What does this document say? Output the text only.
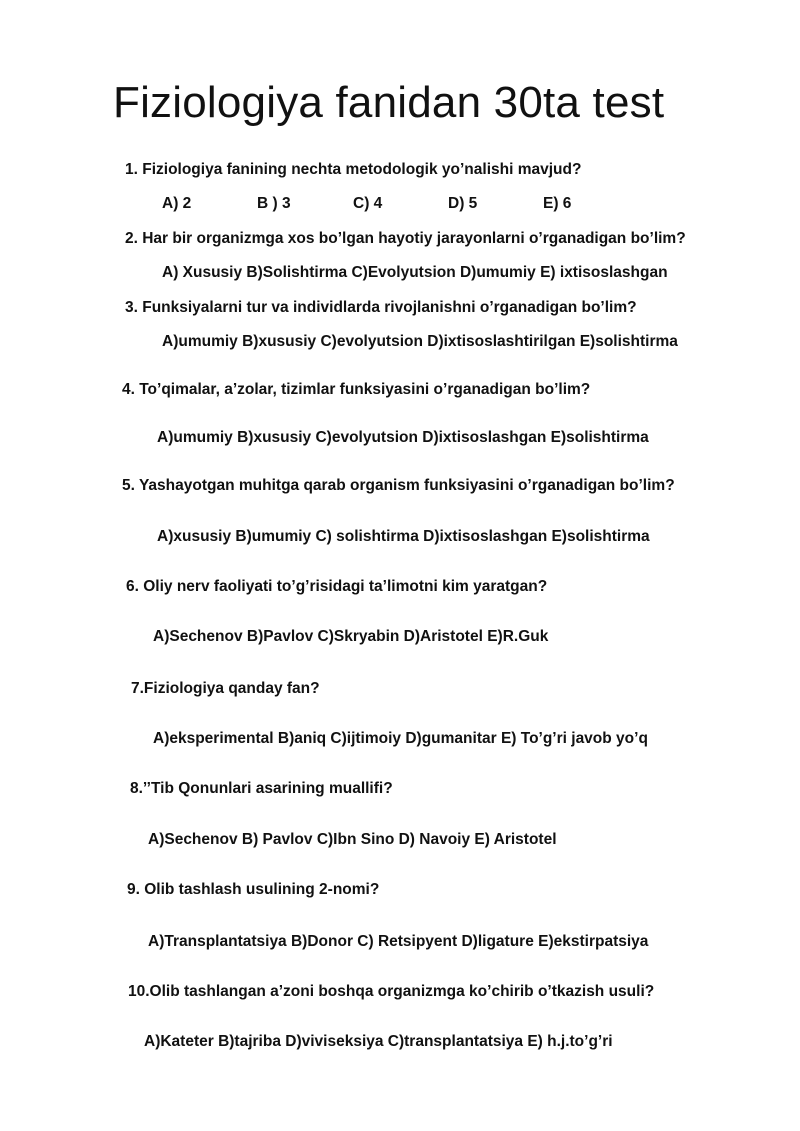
Fiziologiya fanidan 30ta test
1. Fiziologiya fanining nechta metodologik yo’nalishi mavjud?
A) 2	B ) 3	C) 4	D) 5	E) 6
2. Har bir organizmga xos bo’lgan hayotiy jarayonlarni o’rganadigan bo’lim?
A) Xususiy B)Solishtirma C)Evolyutsion D)umumiy E) ixtisoslashgan
3. Funksiyalarni tur va individlarda rivojlanishni o’rganadigan bo’lim?
A)umumiy B)xususiy C)evolyutsion D)ixtisoslashtirilgan E)solishtirma
4. To’qimalar, a’zolar, tizimlar funksiyasini o’rganadigan bo’lim?
A)umumiy B)xususiy C)evolyutsion D)ixtisoslashgan E)solishtirma
5. Yashayotgan muhitga qarab organism funksiyasini o’rganadigan bo’lim?
A)xususiy B)umumiy C) solishtirma D)ixtisoslashgan E)solishtirma
6. Oliy nerv faoliyati to’g’risidagi ta’limotni kim yaratgan?
A)Sechenov B)Pavlov C)Skryabin D)Aristotel E)R.Guk
7.Fiziologiya qanday fan?
A)eksperimental B)aniq C)ijtimoiy D)gumanitar E) To’g’ri javob yo’q
8.’’Tib Qonunlari asarining muallifi?
A)Sechenov B) Pavlov C)Ibn Sino D) Navoiy E) Aristotel
9. Olib tashlash usulining 2-nomi?
A)Transplantatsiya B)Donor C) Retsipyent D)ligature E)ekstirpatsiya
10.Olib tashlangan a’zoni boshqa organizmga ko’chirib o’tkazish usuli?
A)Kateter B)tajriba D)viviseksiya C)transplantatsiya E) h.j.to’g’ri
